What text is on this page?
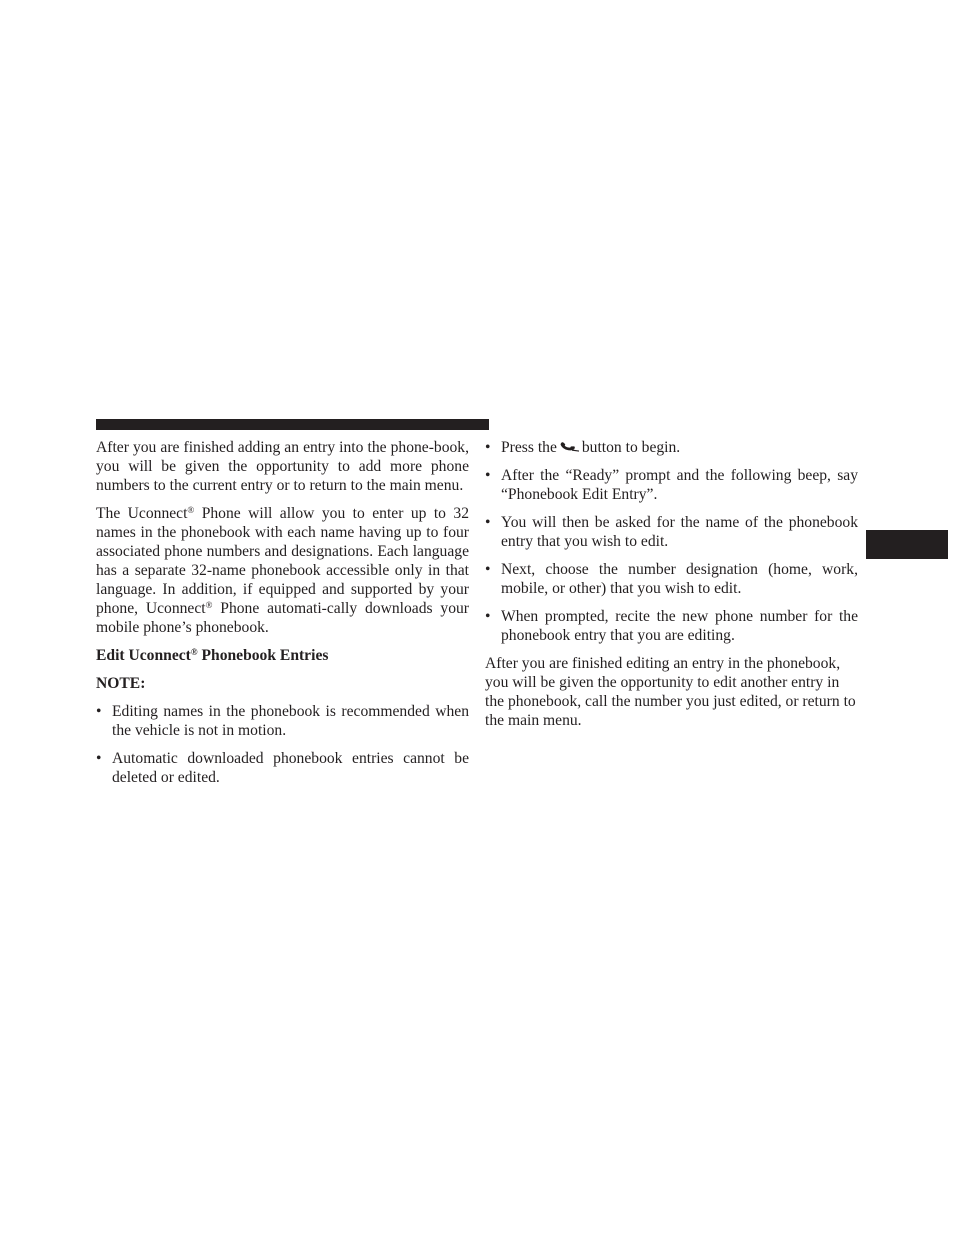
After you are finished adding an entry into the phone-book, you will be given the opportunity to add more phone numbers to the current entry or to return to the main menu.

The Uconnect® Phone will allow you to enter up to 32 names in the phonebook with each name having up to four associated phone numbers and designations. Each language has a separate 32-name phonebook accessible only in that language. In addition, if equipped and supported by your phone, Uconnect® Phone automati-cally downloads your mobile phone’s phonebook.

Edit Uconnect® Phonebook Entries

NOTE:

• Editing names in the phonebook is recommended when the vehicle is not in motion.
• Automatic downloaded phonebook entries cannot be deleted or edited.
• Press the button to begin.
• After the “Ready” prompt and the following beep, say “Phonebook Edit Entry”.
• You will then be asked for the name of the phonebook entry that you wish to edit.
• Next, choose the number designation (home, work, mobile, or other) that you wish to edit.
• When prompted, recite the new phone number for the phonebook entry that you are editing.

After you are finished editing an entry in the phonebook, you will be given the opportunity to edit another entry in the phonebook, call the number you just edited, or return to the main menu.
